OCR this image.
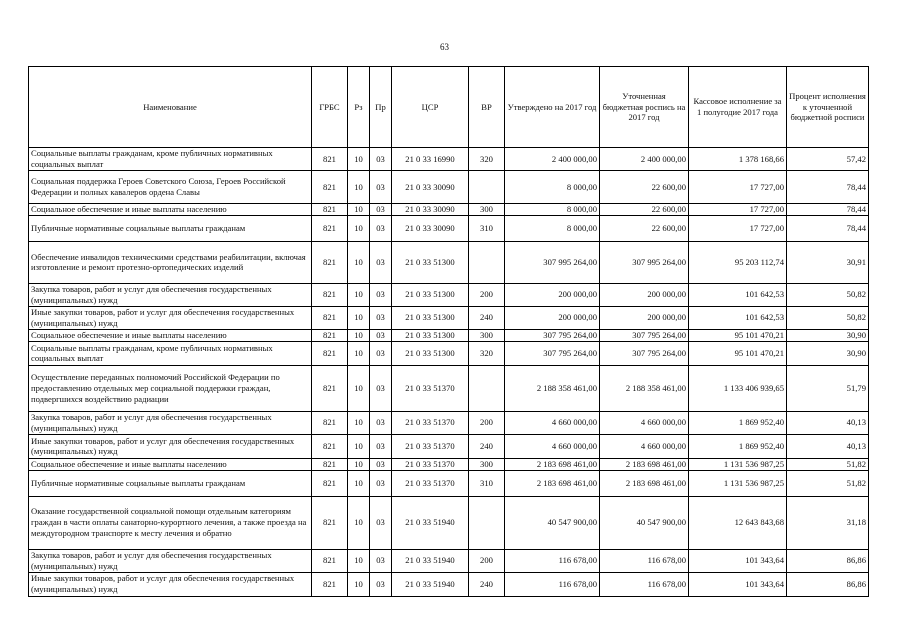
63
Наименование	ГРБС	Рз	Пр	ЦСР	ВР	Утверждено на 2017 год	Уточненная бюджетная роспись на 2017 год	Кассовое исполнение за 1 полугодие 2017 года	Процент исполнения к уточненной бюджетной росписи
Социальные выплаты гражданам, кроме публичных нормативных социальных выплат	821	10	03	21 0 33 16990	320	2 400 000,00	2 400 000,00	1 378 168,66	57,42
Социальная поддержка Героев Советского Союза, Героев Российской Федерации и полных кавалеров ордена Славы	821	10	03	21 0 33 30090		8 000,00	22 600,00	17 727,00	78,44
Социальное обеспечение и иные выплаты населению	821	10	03	21 0 33 30090	300	8 000,00	22 600,00	17 727,00	78,44
Публичные нормативные социальные выплаты гражданам	821	10	03	21 0 33 30090	310	8 000,00	22 600,00	17 727,00	78,44
Обеспечение инвалидов техническими средствами реабилитации, включая изготовление и ремонт протезно-ортопедических изделий	821	10	03	21 0 33 51300		307 995 264,00	307 995 264,00	95 203 112,74	30,91
Закупка товаров, работ и услуг для обеспечения государственных (муниципальных) нужд	821	10	03	21 0 33 51300	200	200 000,00	200 000,00	101 642,53	50,82
Иные закупки товаров, работ и услуг для обеспечения государственных (муниципальных) нужд	821	10	03	21 0 33 51300	240	200 000,00	200 000,00	101 642,53	50,82
Социальное обеспечение и иные выплаты населению	821	10	03	21 0 33 51300	300	307 795 264,00	307 795 264,00	95 101 470,21	30,90
Социальные выплаты гражданам, кроме публичных нормативных социальных выплат	821	10	03	21 0 33 51300	320	307 795 264,00	307 795 264,00	95 101 470,21	30,90
Осуществление переданных полномочий Российской Федерации по предоставлению отдельных мер социальной поддержки граждан, подвергшихся воздействию радиации	821	10	03	21 0 33 51370		2 188 358 461,00	2 188 358 461,00	1 133 406 939,65	51,79
Закупка товаров, работ и услуг для обеспечения государственных (муниципальных) нужд	821	10	03	21 0 33 51370	200	4 660 000,00	4 660 000,00	1 869 952,40	40,13
Иные закупки товаров, работ и услуг для обеспечения государственных (муниципальных) нужд	821	10	03	21 0 33 51370	240	4 660 000,00	4 660 000,00	1 869 952,40	40,13
Социальное обеспечение и иные выплаты населению	821	10	03	21 0 33 51370	300	2 183 698 461,00	2 183 698 461,00	1 131 536 987,25	51,82
Публичные нормативные социальные выплаты гражданам	821	10	03	21 0 33 51370	310	2 183 698 461,00	2 183 698 461,00	1 131 536 987,25	51,82
Оказание государственной социальной помощи отдельным категориям граждан в части оплаты санаторно-курортного лечения, а также проезда на междугородном транспорте к месту лечения и обратно	821	10	03	21 0 33 51940		40 547 900,00	40 547 900,00	12 643 843,68	31,18
Закупка товаров, работ и услуг для обеспечения государственных (муниципальных) нужд	821	10	03	21 0 33 51940	200	116 678,00	116 678,00	101 343,64	86,86
Иные закупки товаров, работ и услуг для обеспечения государственных (муниципальных) нужд	821	10	03	21 0 33 51940	240	116 678,00	116 678,00	101 343,64	86,86
